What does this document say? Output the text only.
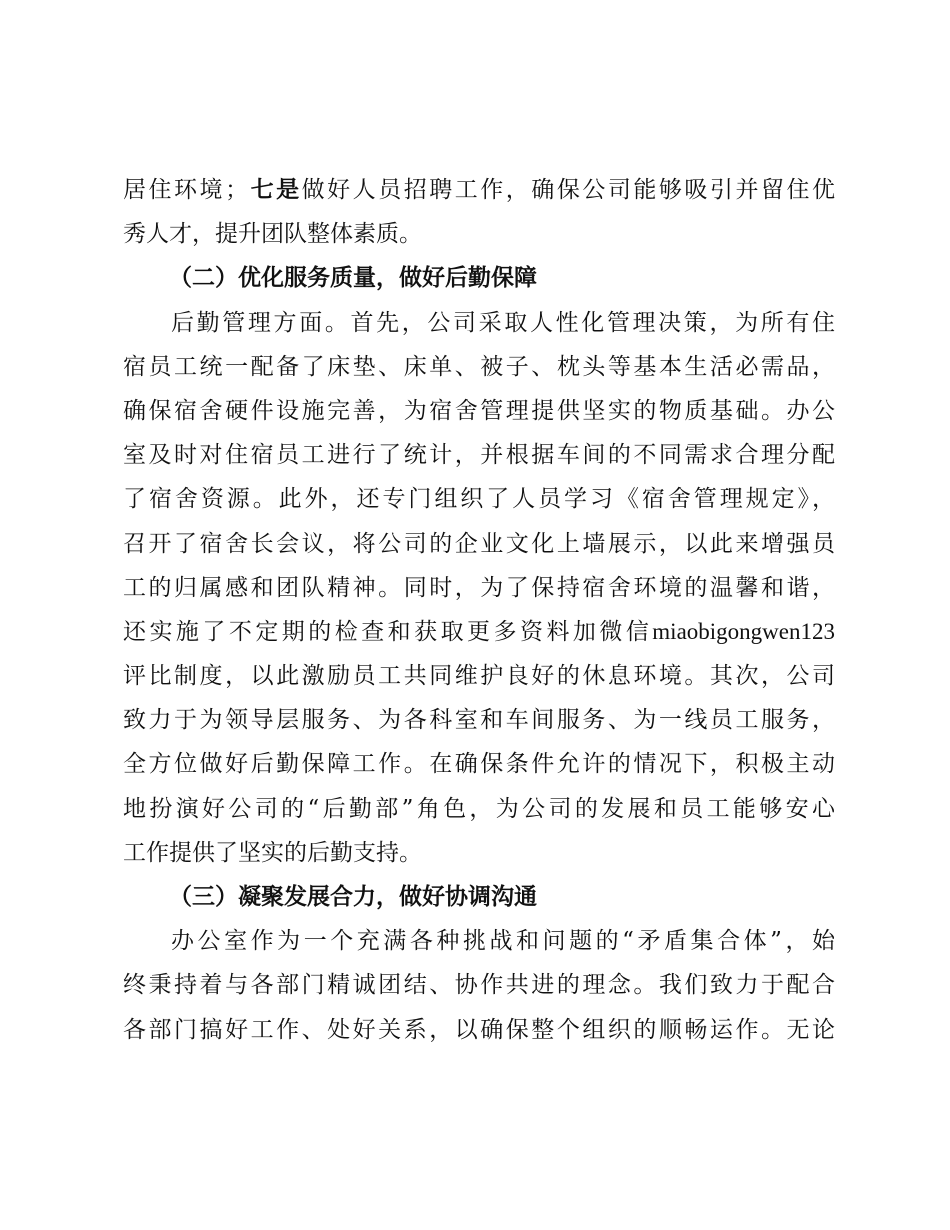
居住环境；七是做好人员招聘工作，确保公司能够吸引并留住优
秀人才，提升团队整体素质。
（二）优化服务质量，做好后勤保障
后勤管理方面。首先，公司采取人性化管理决策，为所有住
宿员工统一配备了床垫、床单、被子、枕头等基本生活必需品，
确保宿舍硬件设施完善，为宿舍管理提供坚实的物质基础。办公
室及时对住宿员工进行了统计，并根据车间的不同需求合理分配
了宿舍资源。此外，还专门组织了人员学习《宿舍管理规定》，
召开了宿舍长会议，将公司的企业文化上墙展示，以此来增强员
工的归属感和团队精神。同时，为了保持宿舍环境的温馨和谐，
还实施了不定期的检查和获取更多资料加微信miaobigongwen123
评比制度，以此激励员工共同维护良好的休息环境。其次，公司
致力于为领导层服务、为各科室和车间服务、为一线员工服务，
全方位做好后勤保障工作。在确保条件允许的情况下，积极主动
地扮演好公司的“后勤部”角色，为公司的发展和员工能够安心
工作提供了坚实的后勤支持。
（三）凝聚发展合力，做好协调沟通
办公室作为一个充满各种挑战和问题的“矛盾集合体”，始
终秉持着与各部门精诚团结、协作共进的理念。我们致力于配合
各部门搞好工作、处好关系，以确保整个组织的顺畅运作。无论
